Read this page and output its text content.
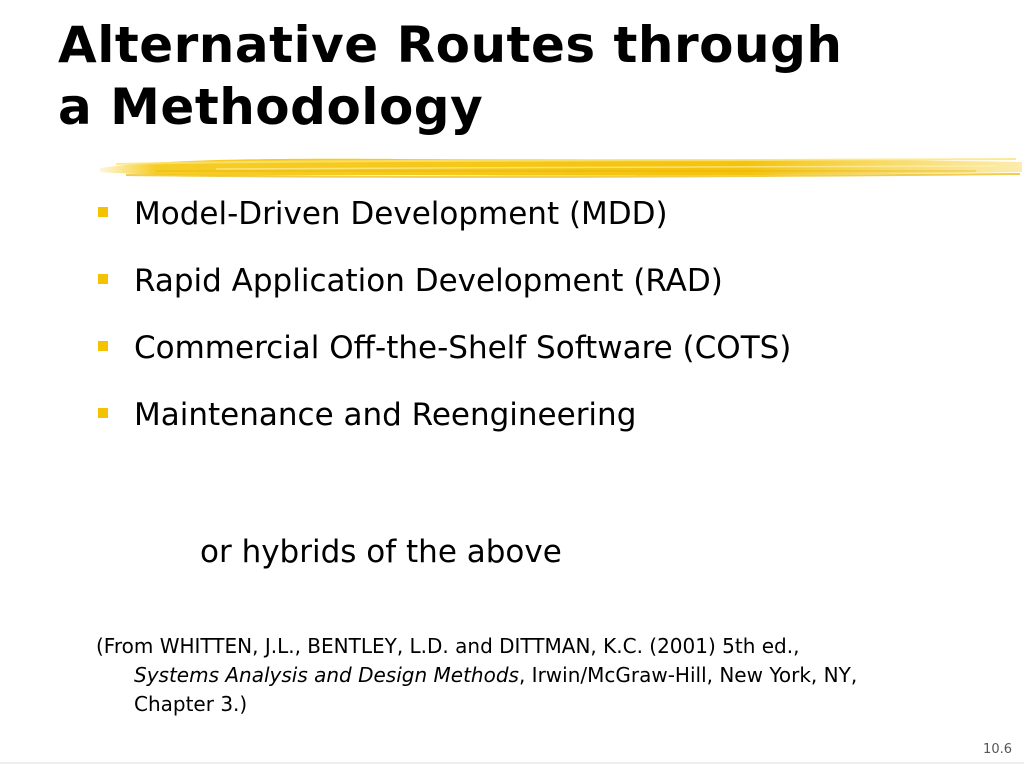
Alternative Routes through
a Methodology
Model-Driven Development (MDD)
Rapid Application Development (RAD)
Commercial Off-the-Shelf Software (COTS)
Maintenance and Reengineering
or hybrids of the above
(From WHITTEN, J.L., BENTLEY, L.D. and DITTMAN, K.C. (2001) 5th ed.,
Systems Analysis and Design Methods, Irwin/McGraw-Hill, New York, NY,
Chapter 3.)
10.6
